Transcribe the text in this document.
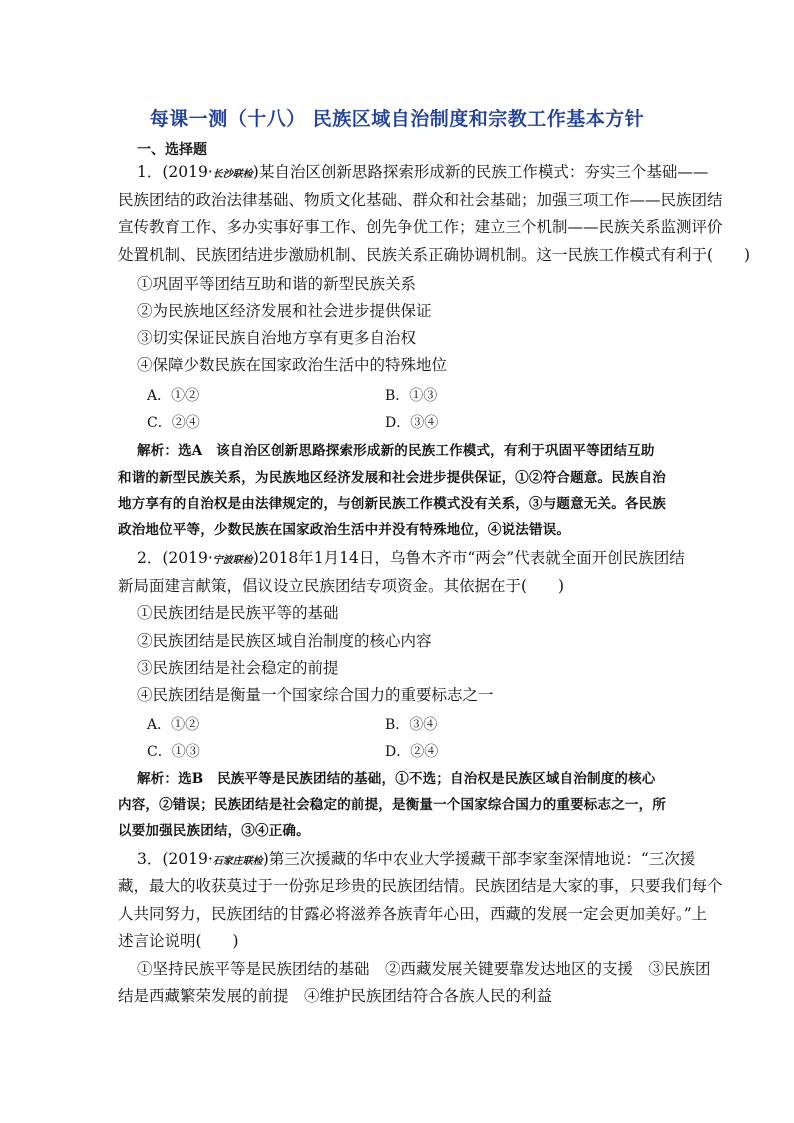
每课一测（十八） 民族区域自治制度和宗教工作基本方针
一、选择题
1．(2019·长沙联检)某自治区创新思路探索形成新的民族工作模式：夯实三个基础——
民族团结的政治法律基础、物质文化基础、群众和社会基础；加强三项工作——民族团结
宣传教育工作、多办实事好事工作、创先争优工作；建立三个机制——民族关系监测评价
处置机制、民族团结进步激励机制、民族关系正确协调机制。这一民族工作模式有利于(　　)
①巩固平等团结互助和谐的新型民族关系
②为民族地区经济发展和社会进步提供保证
③切实保证民族自治地方享有更多自治权
④保障少数民族在国家政治生活中的特殊地位
A．①②	B．①③
C．②④	D．③④
解析：选A　该自治区创新思路探索形成新的民族工作模式，有利于巩固平等团结互助
和谐的新型民族关系，为民族地区经济发展和社会进步提供保证，①②符合题意。民族自治
地方享有的自治权是由法律规定的，与创新民族工作模式没有关系，③与题意无关。各民族
政治地位平等，少数民族在国家政治生活中并没有特殊地位，④说法错误。
2．(2019·宁波联检)2018年1月14日，乌鲁木齐市“两会”代表就全面开创民族团结
新局面建言献策，倡议设立民族团结专项资金。其依据在于(　　)
①民族团结是民族平等的基础
②民族团结是民族区域自治制度的核心内容
③民族团结是社会稳定的前提
④民族团结是衡量一个国家综合国力的重要标志之一
A．①②	B．③④
C．①③	D．②④
解析：选B　民族平等是民族团结的基础，①不选；自治权是民族区域自治制度的核心
内容，②错误；民族团结是社会稳定的前提，是衡量一个国家综合国力的重要标志之一，所
以要加强民族团结，③④正确。
3．(2019·石家庄联检)第三次援藏的华中农业大学援藏干部李家奎深情地说：“三次援
藏，最大的收获莫过于一份弥足珍贵的民族团结情。民族团结是大家的事，只要我们每个
人共同努力，民族团结的甘露必将滋养各族青年心田，西藏的发展一定会更加美好。”上
述言论说明(　　)
①坚持民族平等是民族团结的基础　②西藏发展关键要靠发达地区的支援　③民族团
结是西藏繁荣发展的前提　④维护民族团结符合各族人民的利益
